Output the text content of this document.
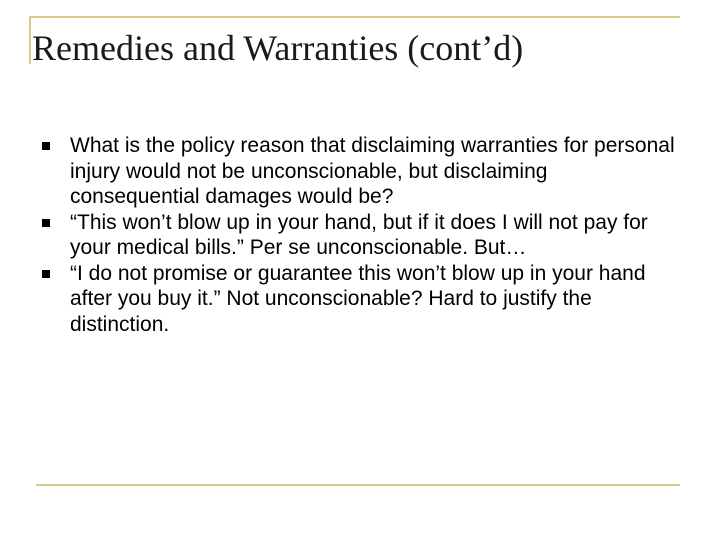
Remedies and Warranties (cont’d)
What is the policy reason that disclaiming warranties for personal injury would not be unconscionable, but disclaiming consequential damages would be?
“This won’t blow up in your hand, but if it does I will not pay for your medical bills.” Per se unconscionable. But…
“I do not promise or guarantee this won’t blow up in your hand after you buy it.” Not unconscionable? Hard to justify the distinction.
